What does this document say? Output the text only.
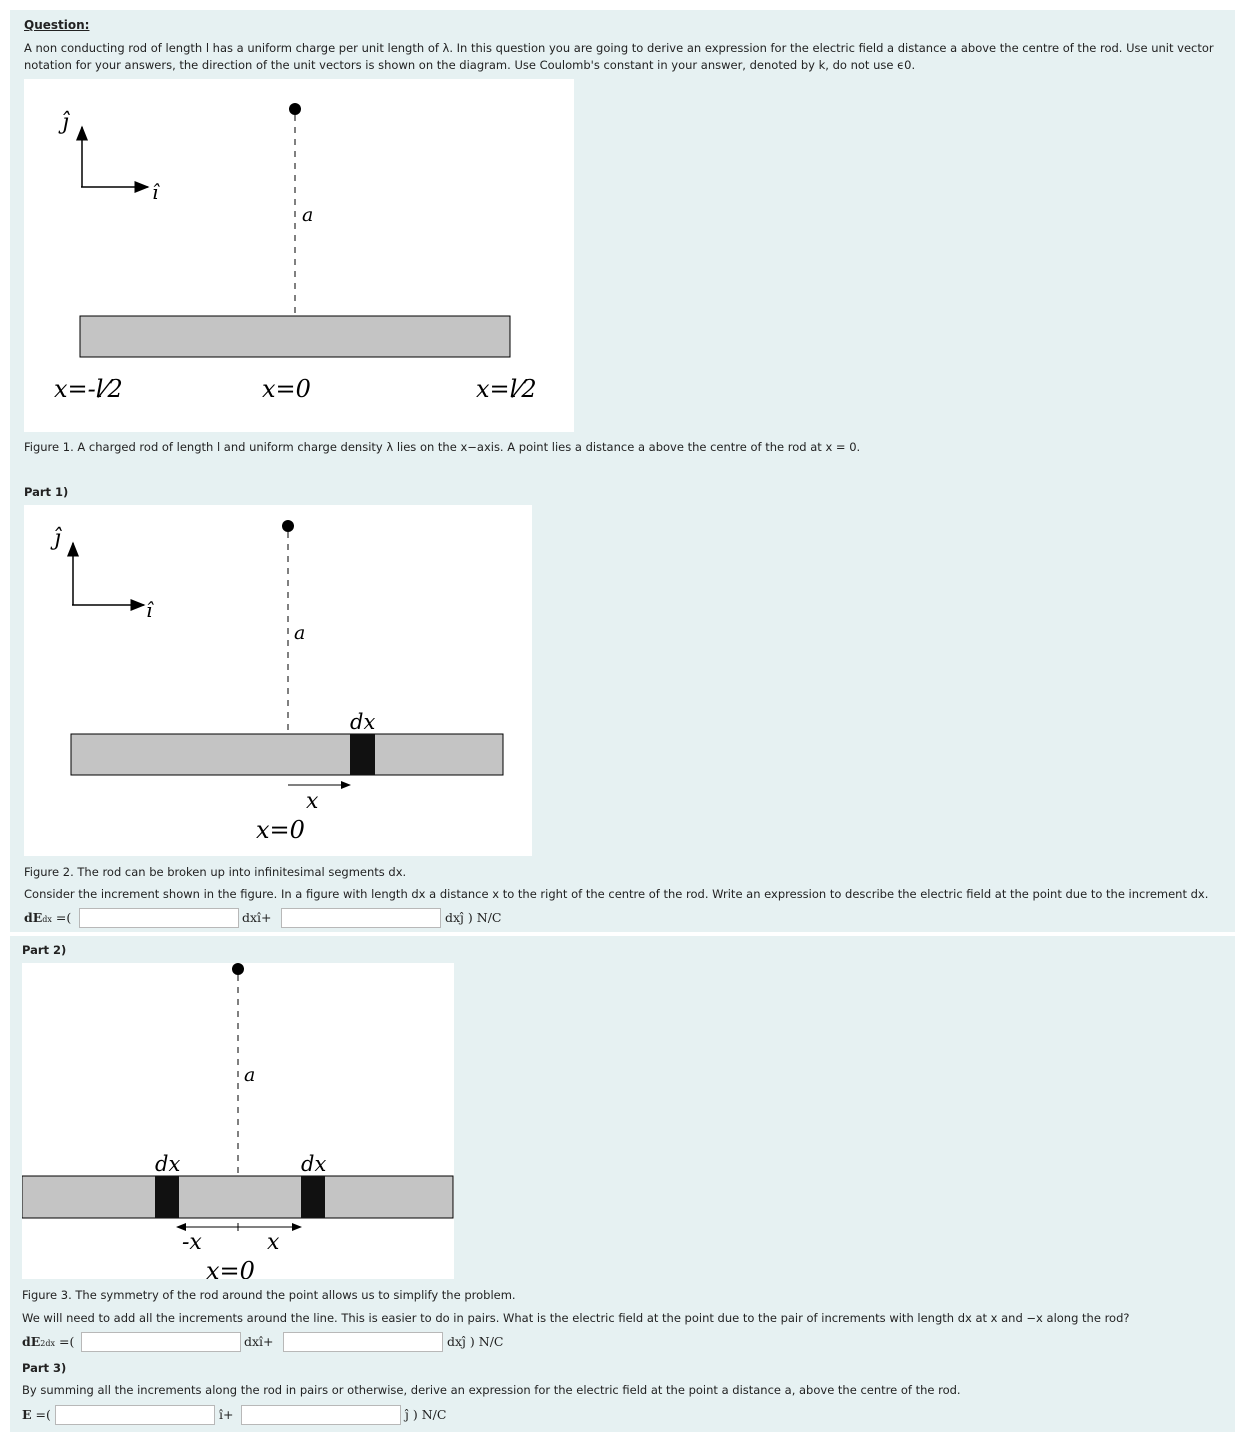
Question:
A non conducting rod of length l has a uniform charge per unit length of λ. In this question you are going to derive an expression for the electric field a distance a above the centre of the rod. Use unit vector notation for your answers, the direction of the unit vectors is shown on the diagram. Use Coulomb's constant in your answer, denoted by k, do not use ϵ0.
ĵ
î
a
x=-l⁄2	x=0	x=l⁄2
Figure 1. A charged rod of length l and uniform charge density λ lies on the x−axis. A point lies a distance a above the centre of the rod at x = 0.
Part 1)
ĵ
î
a
dx
x
x=0
Figure 2. The rod can be broken up into infinitesimal segments dx.
Consider the increment shown in the figure. In a figure with length dx a distance x to the right of the centre of the rod. Write an expression to describe the electric field at the point due to the increment dx.
dEdx =(	dxî+	dxĵ ) N/C
Part 2)
a
dx	dx
-x	x
x=0
Figure 3. The symmetry of the rod around the point allows us to simplify the problem.
We will need to add all the increments around the line. This is easier to do in pairs. What is the electric field at the point due to the pair of increments with length dx at x and −x along the rod?
dE2dx =(	dxî+	dxĵ ) N/C
Part 3)
By summing all the increments along the rod in pairs or otherwise, derive an expression for the electric field at the point a distance a, above the centre of the rod.
E =(	î+	ĵ ) N/C
